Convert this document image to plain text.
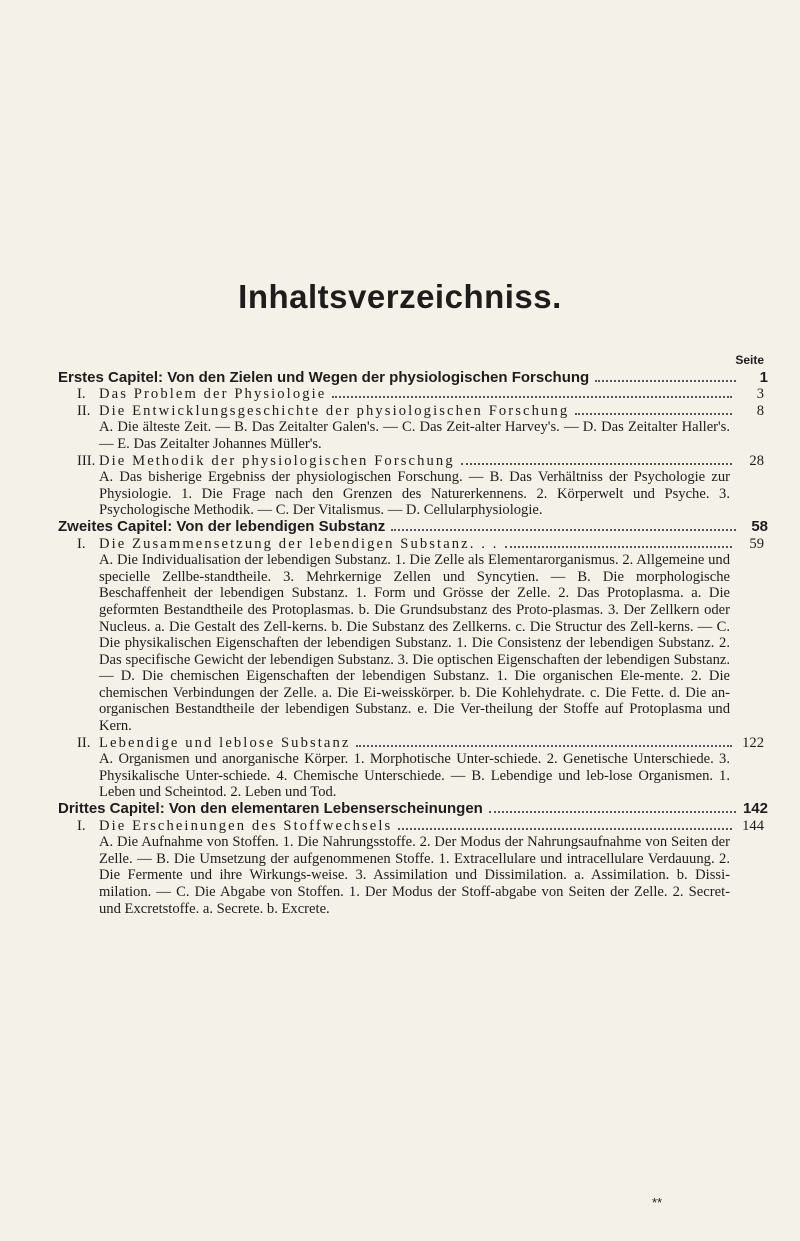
Inhaltsverzeichniss.
Seite
Erstes Capitel: Von den Zielen und Wegen der physiologischen Forschung	1
I. Das Problem der Physiologie	3
II. Die Entwicklungsgeschichte der physiologischen Forschung	8
A. Die älteste Zeit. — B. Das Zeitalter Galen's. — C. Das Zeit-alter Harvey's. — D. Das Zeitalter Haller's. — E. Das Zeitalter Johannes Müller's.
III. Die Methodik der physiologischen Forschung	28
A. Das bisherige Ergebniss der physiologischen Forschung. — B. Das Verhältniss der Psychologie zur Physiologie. 1. Die Frage nach den Grenzen des Naturerkennens. 2. Körperwelt und Psyche. 3. Psychologische Methodik. — C. Der Vitalismus. — D. Cellularphysiologie.
Zweites Capitel: Von der lebendigen Substanz	58
I. Die Zusammensetzung der lebendigen Substanz. . .	59
A. Die Individualisation der lebendigen Substanz. 1. Die Zelle als Elementarorganismus. 2. Allgemeine und specielle Zellbe-standtheile. 3. Mehrkernige Zellen und Syncytien. — B. Die morphologische Beschaffenheit der lebendigen Substanz. 1. Form und Grösse der Zelle. 2. Das Protoplasma. a. Die geformten Bestandtheile des Protoplasmas. b. Die Grundsubstanz des Proto-plasmas. 3. Der Zellkern oder Nucleus. a. Die Gestalt des Zell-kerns. b. Die Substanz des Zellkerns. c. Die Structur des Zell-kerns. — C. Die physikalischen Eigenschaften der lebendigen Substanz. 1. Die Consistenz der lebendigen Substanz. 2. Das specifische Gewicht der lebendigen Substanz. 3. Die optischen Eigenschaften der lebendigen Substanz. — D. Die chemischen Eigenschaften der lebendigen Substanz. 1. Die organischen Ele-mente. 2. Die chemischen Verbindungen der Zelle. a. Die Ei-weisskörper. b. Die Kohlehydrate. c. Die Fette. d. Die an-organischen Bestandtheile der lebendigen Substanz. e. Die Ver-theilung der Stoffe auf Protoplasma und Kern.
II. Lebendige und leblose Substanz	122
A. Organismen und anorganische Körper. 1. Morphotische Unter-schiede. 2. Genetische Unterschiede. 3. Physikalische Unter-schiede. 4. Chemische Unterschiede. — B. Lebendige und leb-lose Organismen. 1. Leben und Scheintod. 2. Leben und Tod.
Drittes Capitel: Von den elementaren Lebenserscheinungen	142
I. Die Erscheinungen des Stoffwechsels	144
A. Die Aufnahme von Stoffen. 1. Die Nahrungsstoffe. 2. Der Modus der Nahrungsaufnahme von Seiten der Zelle. — B. Die Umsetzung der aufgenommenen Stoffe. 1. Extracellulare und intracellulare Verdauung. 2. Die Fermente und ihre Wirkungs-weise. 3. Assimilation und Dissimilation. a. Assimilation. b. Dissi-milation. — C. Die Abgabe von Stoffen. 1. Der Modus der Stoff-abgabe von Seiten der Zelle. 2. Secret- und Excretstoffe. a. Secrete. b. Excrete.
**
